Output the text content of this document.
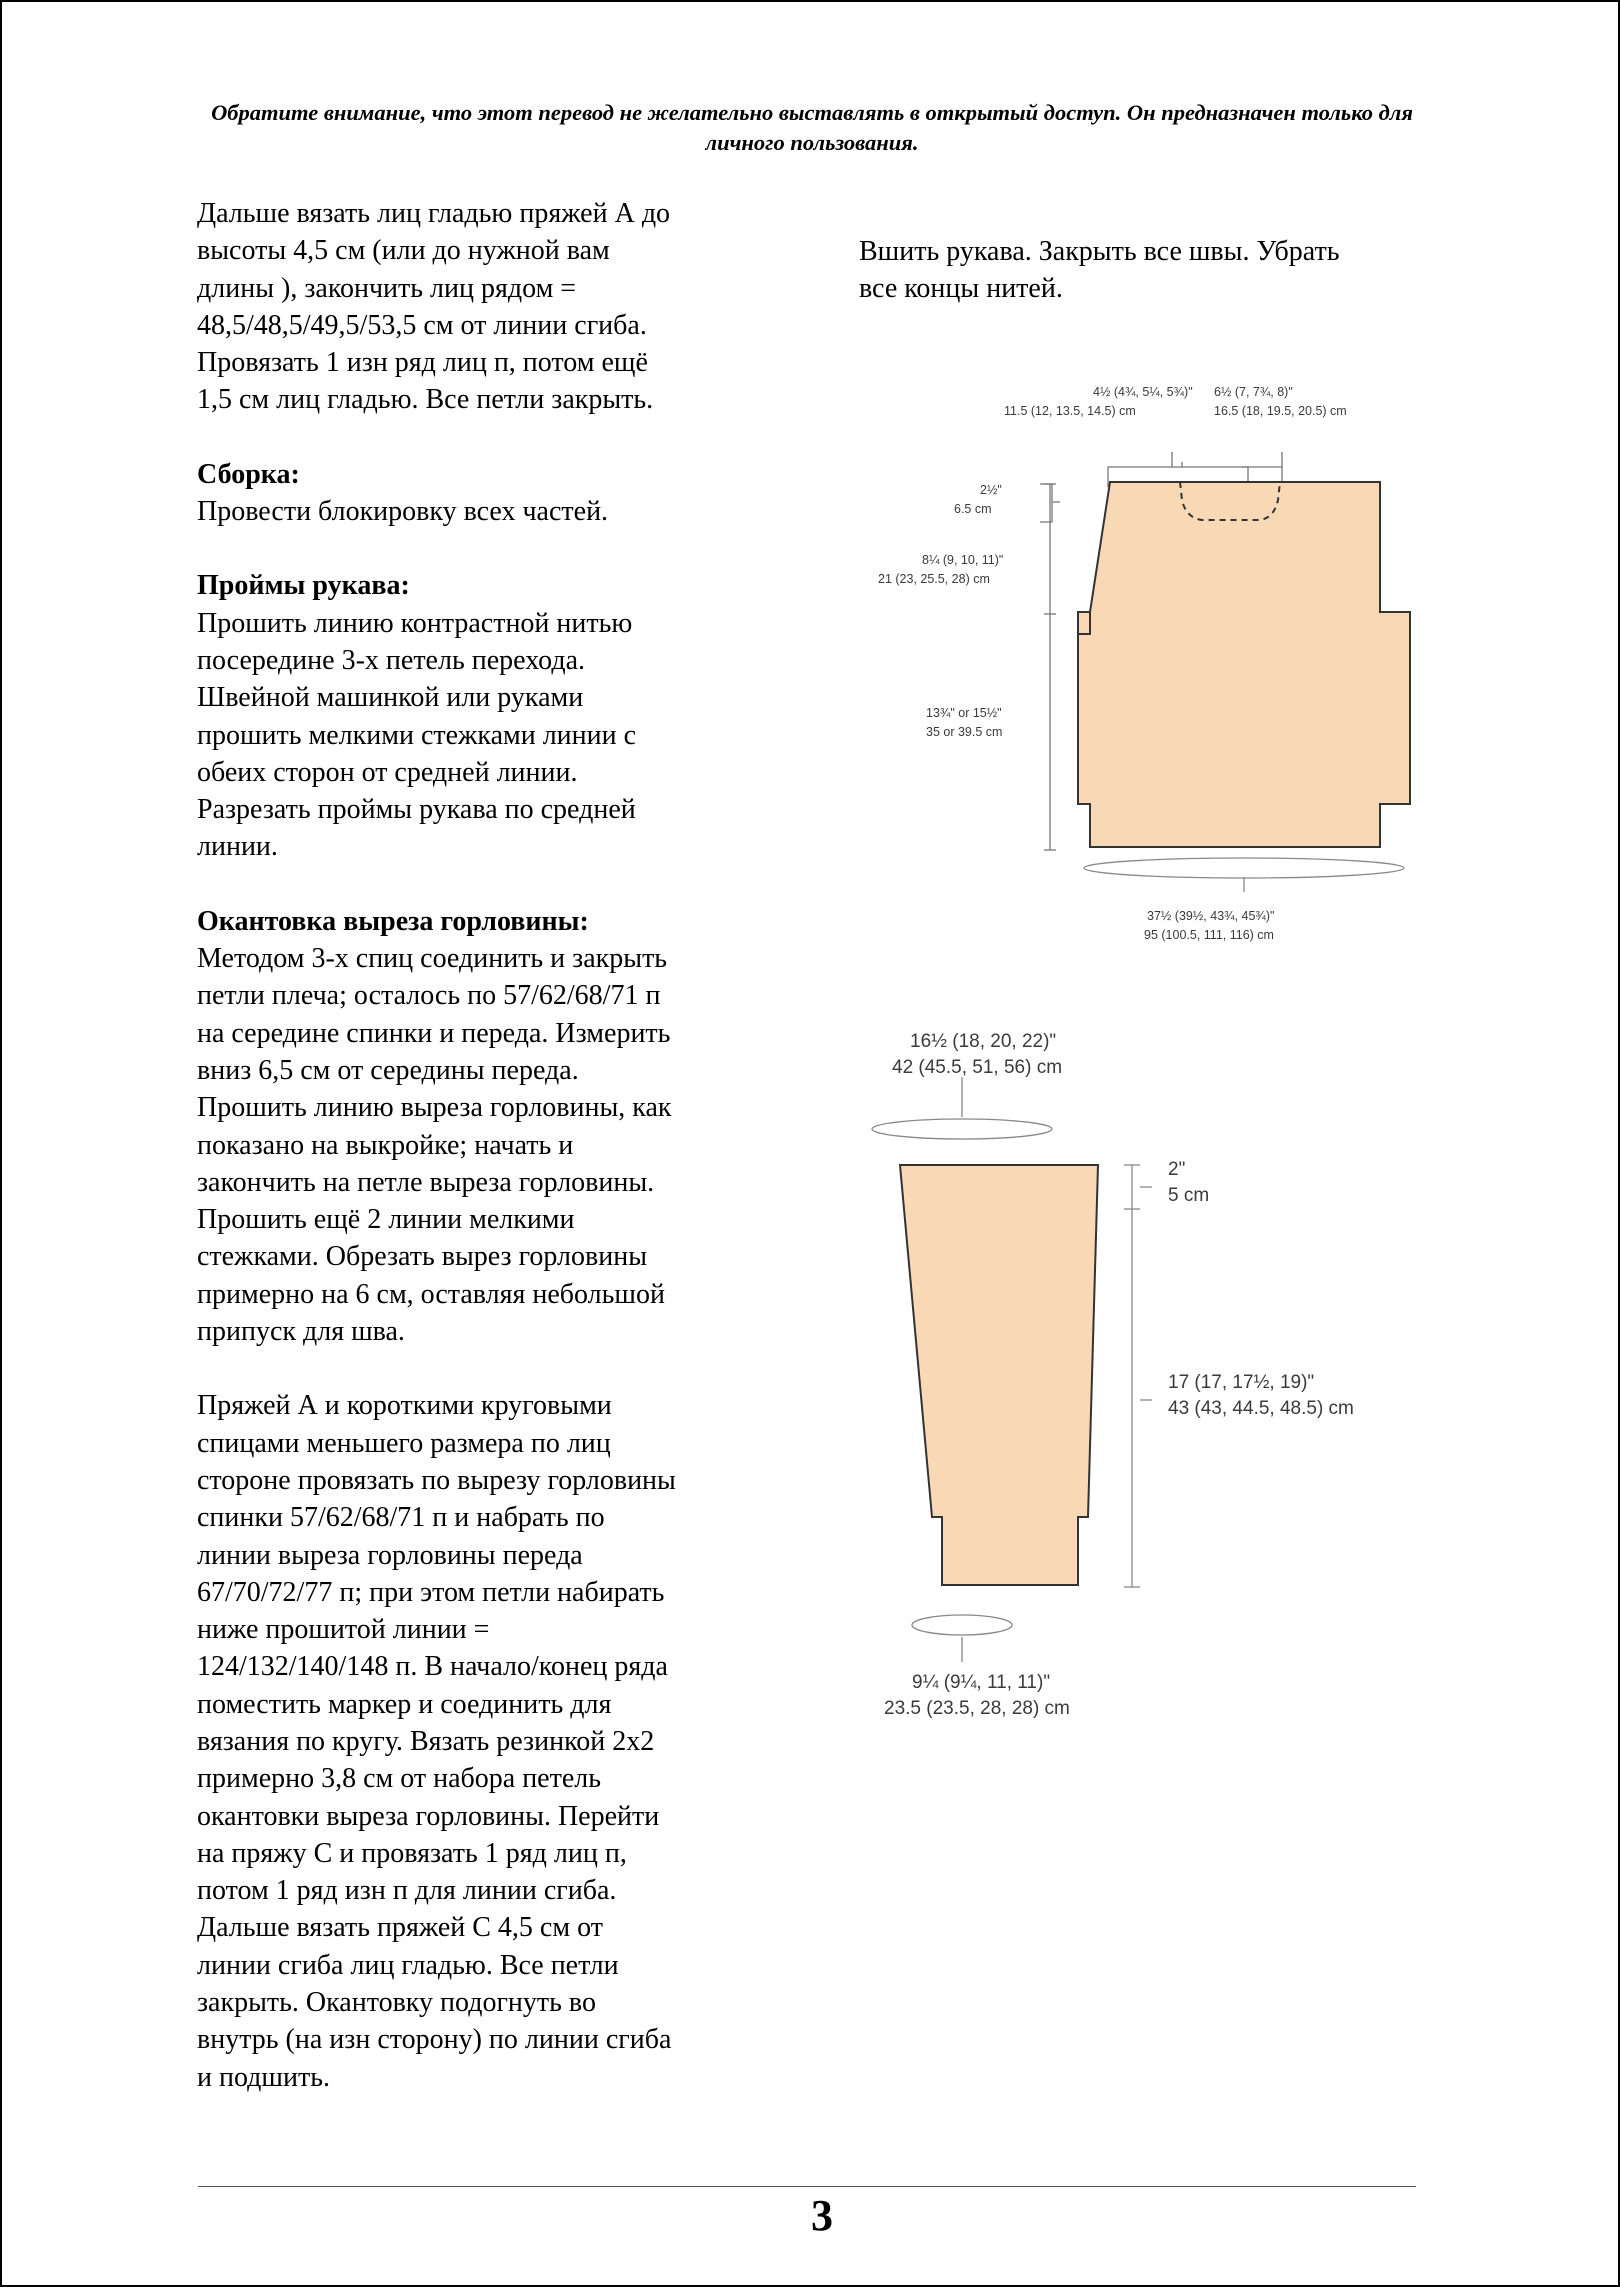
Обратите внимание, что этот перевод не желательно выставлять в открытый доступ. Он предназначен только для личного пользования.

Дальше вязать лиц гладью пряжей А до

высоты 4,5 см (или до нужной вам

длины ), закончить лиц рядом =

48,5/48,5/49,5/53,5 см от линии сгиба.

Провязать 1 изн ряд лиц п, потом ещё

1,5 см лиц гладью. Все петли закрыть.

Сборка:

Провести блокировку всех частей.

Проймы рукава:

Прошить линию контрастной нитью

посередине 3-х петель перехода.

Швейной машинкой или руками

прошить мелкими стежками линии с

обеих сторон от средней линии.

Разрезать проймы рукава по средней

линии.

Окантовка выреза горловины:

Методом 3-х спиц соединить и закрыть

петли плеча; осталось по 57/62/68/71 п

на середине спинки и переда. Измерить

вниз 6,5 см от середины переда.

Прошить линию выреза горловины, как

показано на выкройке; начать и

закончить на петле выреза горловины.

Прошить ещё 2 линии мелкими

стежками. Обрезать вырез горловины

примерно на 6 см, оставляя небольшой

припуск для шва.

Пряжей А и короткими круговыми

спицами меньшего размера по лиц

стороне провязать по вырезу горловины

спинки 57/62/68/71 п и набрать по

линии выреза горловины переда

67/70/72/77 п; при этом петли набирать

ниже прошитой линии =

124/132/140/148 п. В начало/конец ряда

поместить маркер и соединить для

вязания по кругу. Вязать резинкой 2х2

примерно 3,8 см от набора петель

окантовки выреза горловины. Перейти

на пряжу С и провязать 1 ряд лиц п,

потом 1 ряд изн п для линии сгиба.

Дальше вязать пряжей С 4,5 см от

линии сгиба лиц гладью. Все петли

закрыть. Окантовку подогнуть во

внутрь (на изн сторону) по линии сгиба

и подшить.

Вшить рукава. Закрыть все швы. Убрать

все концы нитей.

4½ (4¾, 5¼, 5¾)"
11.5 (12, 13.5, 14.5) cm
6½ (7, 7¾, 8)"
16.5 (18, 19.5, 20.5) cm
2½"
6.5 cm
8¼ (9, 10, 11)"
21 (23, 25.5, 28) cm
13¾" or 15½"
35 or 39.5 cm
37½ (39½, 43¾, 45¾)"
95 (100.5, 111, 116) cm
16½ (18, 20, 22)"
42 (45.5, 51, 56) cm
2"
5 cm
17 (17, 17½, 19)"
43 (43, 44.5, 48.5) cm
9¼ (9¼, 11, 11)"
23.5 (23.5, 28, 28) cm
3
